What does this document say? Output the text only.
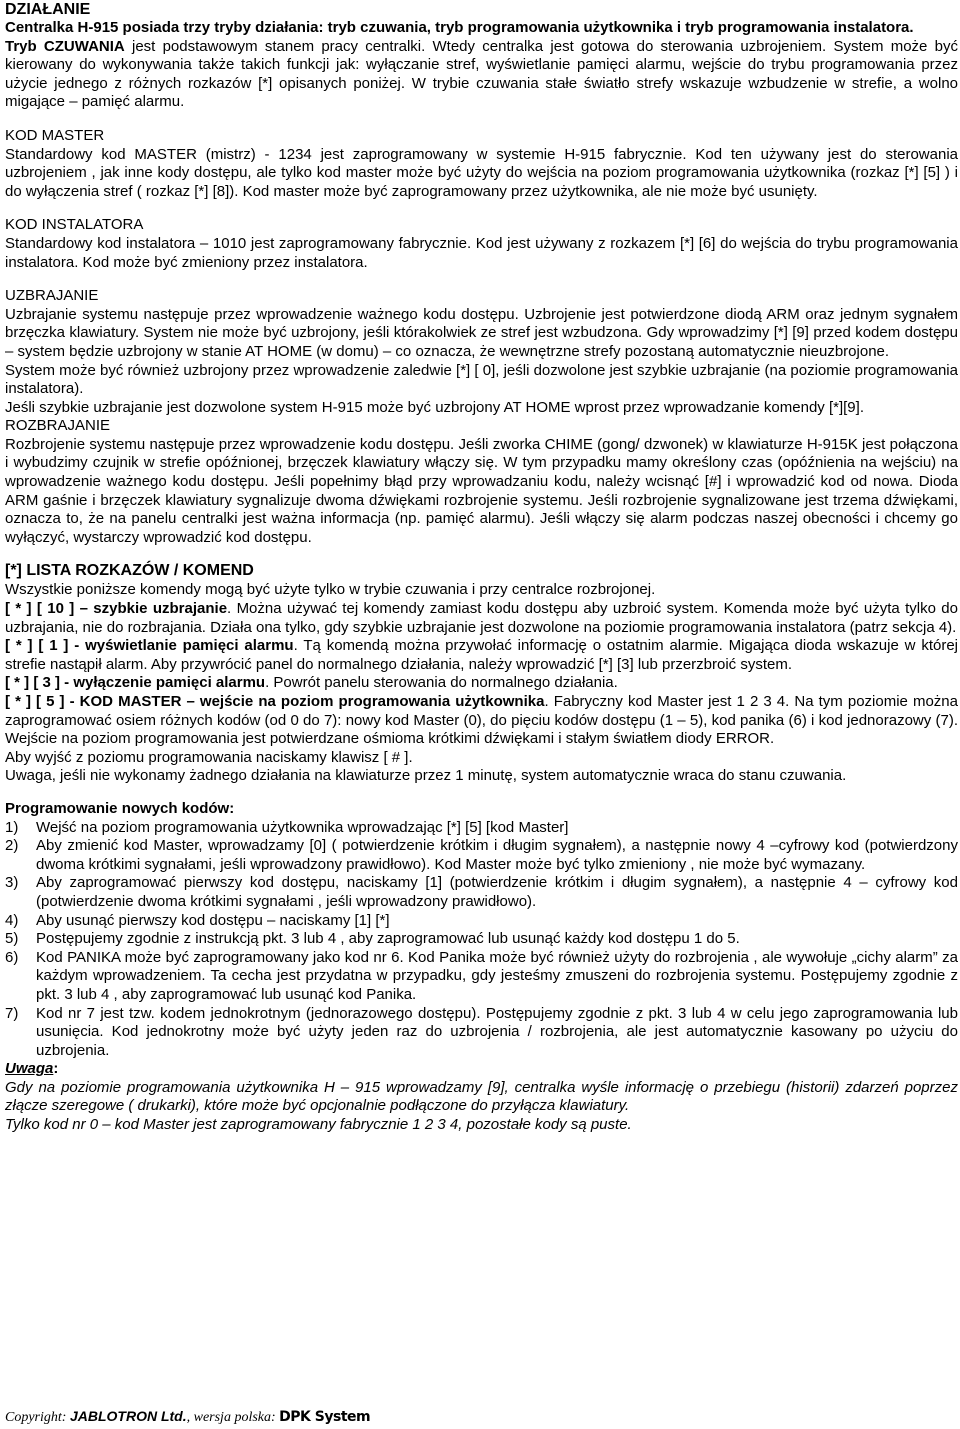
DZIAŁANIE

Centralka H-915 posiada trzy tryby działania: tryb czuwania, tryb programowania użytkownika i tryb programowania instalatora.

Tryb CZUWANIA jest podstawowym stanem pracy centralki. Wtedy centralka jest gotowa do sterowania uzbrojeniem. System może być kierowany do wykonywania także takich funkcji jak: wyłączanie stref, wyświetlanie pamięci alarmu, wejście do trybu programowania przez użycie jednego z różnych rozkazów [*] opisanych poniżej. W trybie czuwania stałe światło strefy wskazuje wzbudzenie w strefie, a wolno migające – pamięć alarmu.

KOD MASTER

Standardowy kod MASTER (mistrz) - 1234 jest zaprogramowany w systemie H-915 fabrycznie. Kod ten używany jest do sterowania uzbrojeniem , jak inne kody dostępu, ale tylko kod master może być użyty do wejścia na poziom programowania użytkownika (rozkaz [*] [5] ) i do wyłączenia stref ( rozkaz [*] [8]). Kod master może być zaprogramowany przez użytkownika, ale nie może być usunięty.

KOD INSTALATORA

Standardowy kod instalatora – 1010 jest zaprogramowany fabrycznie. Kod jest używany z rozkazem [*] [6] do wejścia do trybu programowania instalatora. Kod może być zmieniony przez instalatora.

UZBRAJANIE

Uzbrajanie systemu następuje przez wprowadzenie ważnego kodu dostępu. Uzbrojenie jest potwierdzone diodą ARM oraz jednym sygnałem brzęczka klawiatury. System nie może być uzbrojony, jeśli którakolwiek ze stref jest wzbudzona. Gdy wprowadzimy [*] [9] przed kodem dostępu – system będzie uzbrojony w stanie AT HOME (w domu) – co oznacza, że wewnętrzne strefy pozostaną automatycznie nieuzbrojone.

System może być również uzbrojony przez wprowadzenie zaledwie [*] [ 0], jeśli dozwolone jest szybkie uzbrajanie (na poziomie programowania instalatora).

Jeśli szybkie uzbrajanie jest dozwolone system H-915 może być uzbrojony AT HOME wprost przez wprowadzanie komendy [*][9].

ROZBRAJANIE

Rozbrojenie systemu następuje przez wprowadzenie kodu dostępu. Jeśli zworka CHIME (gong/ dzwonek) w klawiaturze H-915K jest połączona i wybudzimy czujnik w strefie opóźnionej, brzęczek klawiatury włączy się. W tym przypadku mamy określony czas (opóźnienia na wejściu) na wprowadzenie ważnego kodu dostępu. Jeśli popełnimy błąd przy wprowadzaniu kodu, należy wcisnąć [#] i wprowadzić kod od nowa. Dioda ARM gaśnie i brzęczek klawiatury sygnalizuje dwoma dźwiękami rozbrojenie systemu. Jeśli rozbrojenie sygnalizowane jest trzema dźwiękami, oznacza to, że na panelu centralki jest ważna informacja (np. pamięć alarmu). Jeśli włączy się alarm podczas naszej obecności i chcemy go wyłączyć, wystarczy wprowadzić kod dostępu.

[*] LISTA ROZKAZÓW / KOMEND

Wszystkie poniższe komendy mogą być użyte tylko w trybie czuwania i przy centralce rozbrojonej.

[ * ] [ 10 ] – szybkie uzbrajanie. Można używać tej komendy zamiast kodu dostępu aby uzbroić system. Komenda może być użyta tylko do uzbrajania, nie do rozbrajania. Działa ona tylko, gdy szybkie uzbrajanie jest dozwolone na poziomie programowania instalatora (patrz sekcja 4).

[ * ] [ 1 ] - wyświetlanie pamięci alarmu. Tą komendą można przywołać informację o ostatnim alarmie. Migająca dioda wskazuje w której strefie nastąpił alarm. Aby przywrócić panel do normalnego działania, należy wprowadzić [*] [3] lub przerzbroić system.

[ * ] [ 3 ] - wyłączenie pamięci alarmu. Powrót panelu sterowania do normalnego działania.

[ * ] [ 5 ] - KOD MASTER – wejście na poziom programowania użytkownika. Fabryczny kod Master jest 1 2 3 4. Na tym poziomie można zaprogramować osiem różnych kodów (od 0 do 7): nowy kod Master (0), do pięciu kodów dostępu (1 – 5), kod panika (6) i kod jednorazowy (7). Wejście na poziom programowania jest potwierdzane ośmioma krótkimi dźwiękami i stałym światłem diody ERROR.

Aby wyjść z poziomu programowania naciskamy klawisz [ # ].

Uwaga, jeśli nie wykonamy żadnego działania na klawiaturze przez 1 minutę, system automatycznie wraca do stanu czuwania.

Programowanie nowych kodów:

1) Wejść na poziom programowania użytkownika wprowadzając [*] [5] [kod Master]
2) Aby zmienić kod Master, wprowadzamy [0] ( potwierdzenie krótkim i długim sygnałem), a następnie nowy 4 –cyfrowy kod (potwierdzony dwoma krótkimi sygnałami, jeśli wprowadzony prawidłowo). Kod Master może być tylko zmieniony , nie może być wymazany.
3) Aby zaprogramować pierwszy kod dostępu, naciskamy [1] (potwierdzenie krótkim i długim sygnałem), a następnie 4 – cyfrowy kod (potwierdzenie dwoma krótkimi sygnałami , jeśli wprowadzony prawidłowo).
4) Aby usunąć pierwszy kod dostępu – naciskamy [1] [*]
5) Postępujemy zgodnie z instrukcją pkt. 3 lub 4 , aby zaprogramować lub usunąć każdy kod dostępu 1 do 5.
6) Kod PANIKA może być zaprogramowany jako kod nr 6. Kod Panika może być również użyty do rozbrojenia , ale wywołuje „cichy alarm” za każdym wprowadzeniem. Ta cecha jest przydatna w przypadku, gdy jesteśmy zmuszeni do rozbrojenia systemu. Postępujemy zgodnie z pkt. 3 lub 4 , aby zaprogramować lub usunąć kod Panika.
7) Kod nr 7 jest tzw. kodem jednokrotnym (jednorazowego dostępu). Postępujemy zgodnie z pkt. 3 lub 4 w celu jego zaprogramowania lub usunięcia. Kod jednokrotny może być użyty jeden raz do uzbrojenia / rozbrojenia, ale jest automatycznie kasowany po użyciu do uzbrojenia.

Uwaga:

Gdy na poziomie programowania użytkownika H – 915 wprowadzamy [9], centralka wyśle informację o przebiegu (historii) zdarzeń poprzez złącze szeregowe ( drukarki), które może być opcjonalnie podłączone do przyłącza klawiatury.

Tylko kod nr 0 – kod Master jest zaprogramowany fabrycznie 1 2 3 4, pozostałe kody są puste.

Copyright: JABLOTRON Ltd., wersja polska: DPK System
